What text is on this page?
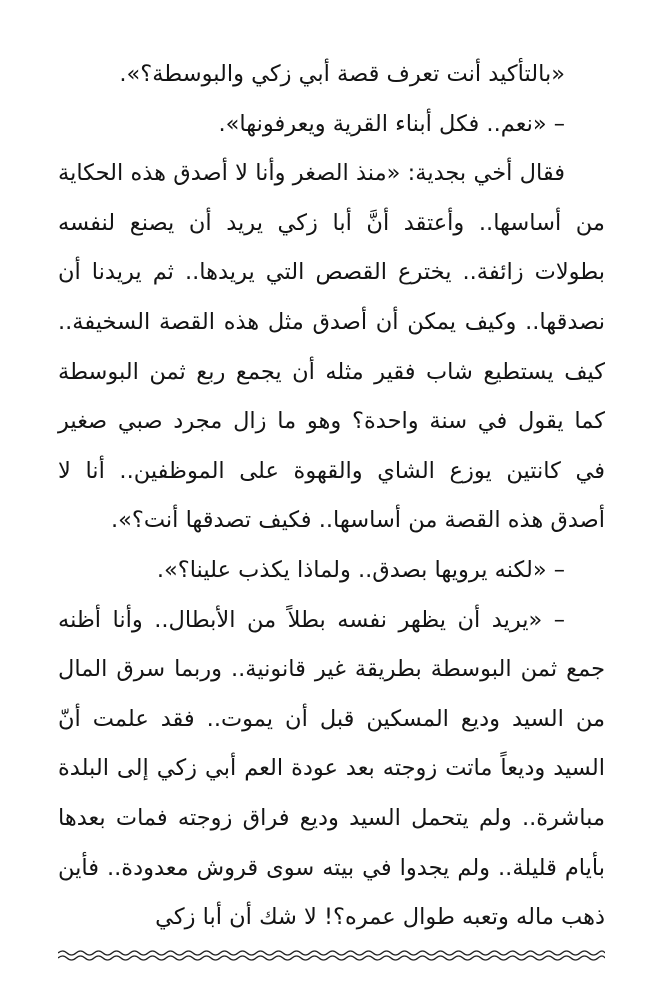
«بالتأكيد أنت تعرف قصة أبي زكي والبوسطة؟».

– «نعم.. فكل أبناء القرية ويعرفونها».

فقال أخي بجدية: «منذ الصغر وأنا لا أصدق هذه الحكاية من أساسها.. وأعتقد أنَّ أبا زكي يريد أن يصنع لنفسه بطولات زائفة.. يخترع القصص التي يريدها.. ثم يريدنا أن نصدقها.. وكيف يمكن أن أصدق مثل هذه القصة السخيفة.. كيف يستطيع شاب فقير مثله أن يجمع ربع ثمن البوسطة كما يقول في سنة واحدة؟ وهو ما زال مجرد صبي صغير في كانتين يوزع الشاي والقهوة على الموظفين.. أنا لا أصدق هذه القصة من أساسها.. فكيف تصدقها أنت؟».

– «لكنه يرويها بصدق.. ولماذا يكذب علينا؟».

– «يريد أن يظهر نفسه بطلاً من الأبطال.. وأنا أظنه جمع ثمن البوسطة بطريقة غير قانونية.. وربما سرق المال من السيد وديع المسكين قبل أن يموت.. فقد علمت أنّ السيد وديعاً ماتت زوجته بعد عودة العم أبي زكي إلى البلدة مباشرة.. ولم يتحمل السيد وديع فراق زوجته فمات بعدها بأيام قليلة.. ولم يجدوا في بيته سوى قروش معدودة.. فأين ذهب ماله وتعبه طوال عمره؟! لا شك أن أبا زكي
